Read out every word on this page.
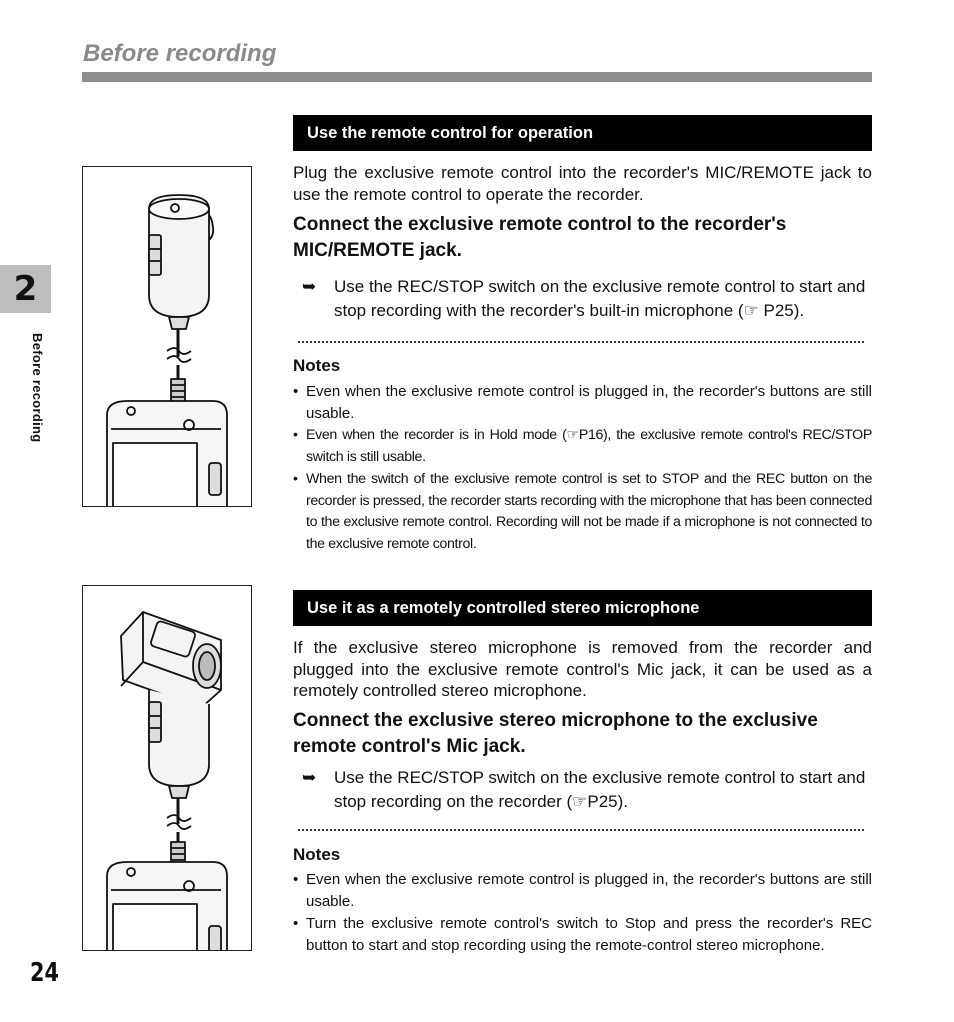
Before recording
2
Before recording
24
Use the remote control for operation

Plug the exclusive remote control into the recorder's MIC/REMOTE jack to use the remote control to operate the recorder.

Connect the exclusive remote control to the recorder's MIC/REMOTE jack.

➥ Use the REC/STOP switch on the exclusive remote control to start and stop recording with the recorder's built-in microphone (☞ P25).
Notes
• Even when the exclusive remote control is plugged in, the recorder's buttons are still usable.
• Even when the recorder is in Hold mode (☞P16), the exclusive remote control's REC/STOP switch is still usable.
• When the switch of the exclusive remote control is set to STOP and the REC button on the recorder is pressed, the recorder starts recording with the microphone that has been connected to the exclusive remote control. Recording will not be made if a microphone is not connected to the exclusive remote control.
Use it as a remotely controlled stereo microphone

If the exclusive stereo microphone is removed from the recorder and plugged into the exclusive remote control's Mic jack, it can be used as a remotely controlled stereo microphone.

Connect the exclusive stereo microphone to the exclusive remote control's Mic jack.

➥ Use the REC/STOP switch on the exclusive remote control to start and stop recording on the recorder (☞P25).
Notes
• Even when the exclusive remote control is plugged in, the recorder's buttons are still usable.
• Turn the exclusive remote control's switch to Stop and press the recorder's REC button to start and stop recording using the remote-control stereo microphone.
